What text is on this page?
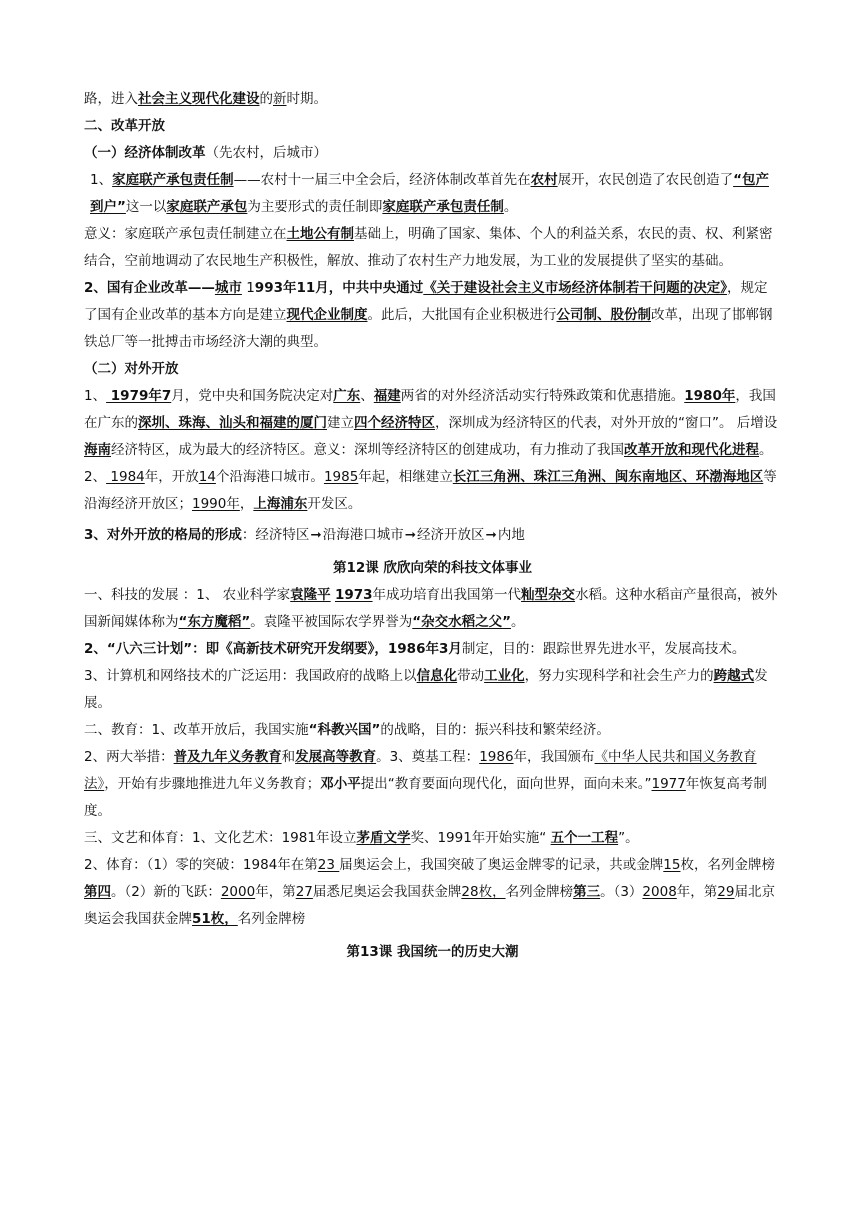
路，进入社会主义现代化建设的新时期。

二、改革开放

（一）经济体制改革（先农村，后城市）

1、家庭联产承包责任制——农村十一届三中全会后，经济体制改革首先在农村展开，农民创造了农民创造了“包产到户”这一以家庭联产承包为主要形式的责任制即家庭联产承包责任制。

意义：家庭联产承包责任制建立在土地公有制基础上，明确了国家、集体、个人的利益关系，农民的责、权、利紧密结合，空前地调动了农民地生产积极性，解放、推动了农村生产力地发展，为工业的发展提供了坚实的基础。

2、国有企业改革——城市 1993年11月，中共中央通过《关于建设社会主义市场经济体制若干问题的决定》，规定了国有企业改革的基本方向是建立现代企业制度。此后，大批国有企业积极进行公司制、股份制改革，出现了邯郸钢铁总厂等一批搏击市场经济大潮的典型。

（二）对外开放

1、 1979年7月，党中央和国务院决定对广东、福建两省的对外经济活动实行特殊政策和优惠措施。1980年，我国在广东的深圳、珠海、汕头和福建的厦门建立四个经济特区，深圳成为经济特区的代表，对外开放的“窗口”。 后增设海南经济特区，成为最大的经济特区。意义：深圳等经济特区的创建成功，有力推动了我国改革开放和现代化进程。

2、 1984年，开放14个沿海港口城市。1985年起，相继建立长江三角洲、珠江三角洲、闽东南地区、环渤海地区等沿海经济开放区；1990年，上海浦东开发区。

3、对外开放的格局的形成：经济特区➞沿海港口城市➞经济开放区➞内地

第12课 欣欣向荣的科技文体事业

一、科技的发展 ：1、 农业科学家袁隆平 1973年成功培育出我国第一代籼型杂交水稻。这种水稻亩产量很高，被外国新闻媒体称为“东方魔稻”。袁隆平被国际农学界誉为“杂交水稻之父”。

2、“八六三计划”：即《高新技术研究开发纲要》，1986年3月制定，目的：跟踪世界先进水平，发展高技术。

3、计算机和网络技术的广泛运用：我国政府的战略上以信息化带动工业化，努力实现科学和社会生产力的跨越式发展。

二、教育：1、改革开放后，我国实施“科教兴国”的战略，目的：振兴科技和繁荣经济。

2、两大举措：普及九年义务教育和发展高等教育。3、奠基工程：1986年，我国颁布《中华人民共和国义务教育法》，开始有步骤地推进九年义务教育；邓小平提出“教育要面向现代化，面向世界，面向未来。”1977年恢复高考制度。

三、文艺和体育：1、文化艺术：1981年设立茅盾文学奖、1991年开始实施“ 五个一工程”。

2、体育：（1）零的突破：1984年在第23 届奥运会上，我国突破了奥运金牌零的记录，共或金牌15枚，名列金牌榜第四。（2）新的飞跃：2000年，第27届悉尼奥运会我国获金牌28枚，名列金牌榜第三。（3）2008年，第29届北京奥运会我国获金牌51枚，名列金牌榜

第13课 我国统一的历史大潮
